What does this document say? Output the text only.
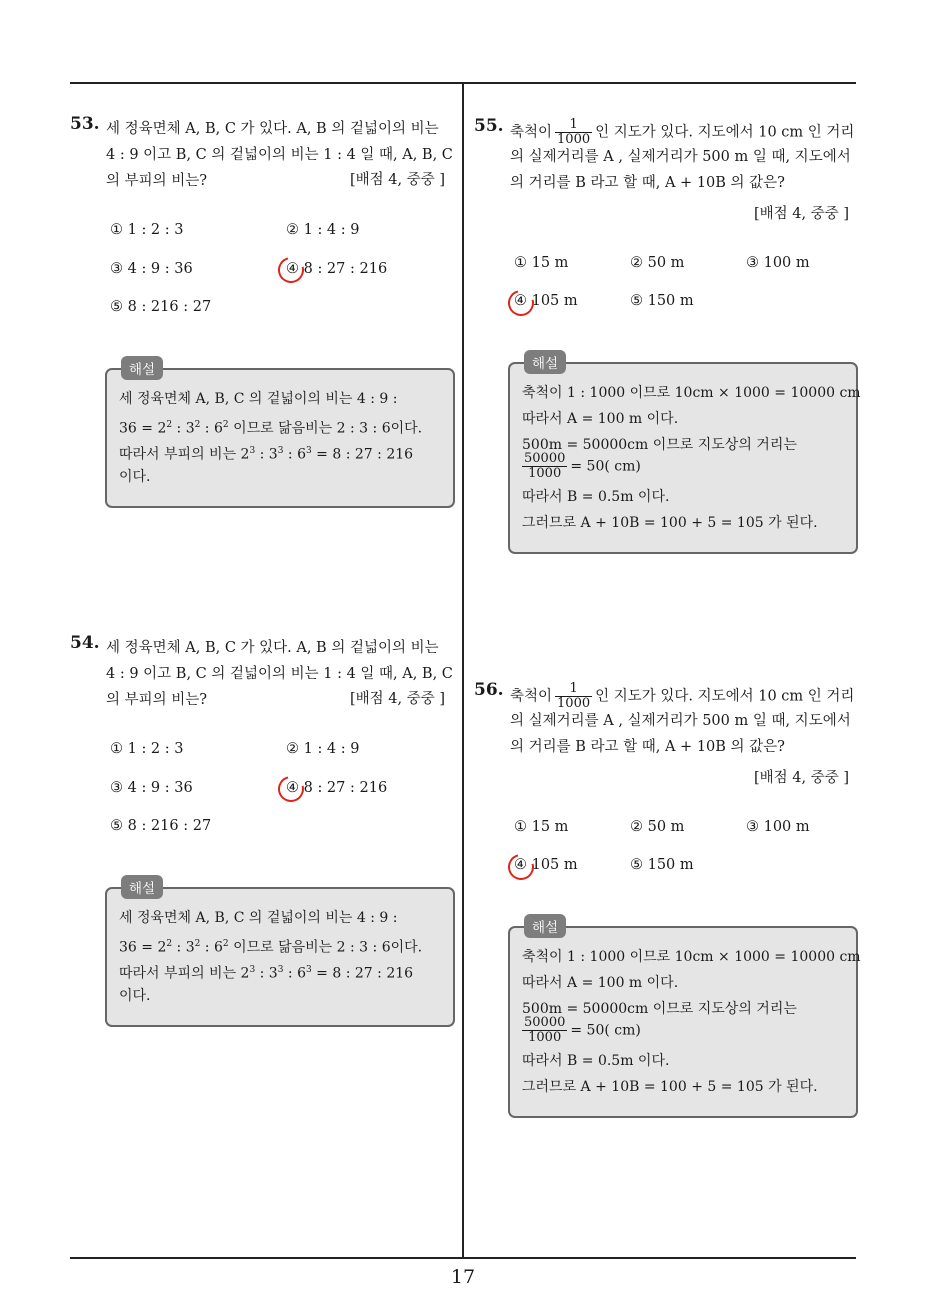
53. 세 정육면체 A, B, C 가 있다. A, B 의 겉넓이의 비는
4 : 9 이고 B, C 의 겉넓이의 비는 1 : 4 일 때, A, B, C
의 부피의 비는?	[배점 4, 중중 ]
① 1 : 2 : 3	② 1 : 4 : 9
③ 4 : 9 : 36	④ 8 : 27 : 216
⑤ 8 : 216 : 27
해설
세 정육면체 A, B, C 의 겉넓이의 비는 4 : 9 :
$36 = 2^2$ : $3^2$ : $6^2$ 이므로 닮음비는 2 : 3 : 6이다.
따라서 부피의 비는 $2^3$ : $3^3$ : $6^3 = 8$ : 27 : 216
이다.
54. 세 정육면체 A, B, C 가 있다. A, B 의 겉넓이의 비는
4 : 9 이고 B, C 의 겉넓이의 비는 1 : 4 일 때, A, B, C
의 부피의 비는?	[배점 4, 중중 ]
① 1 : 2 : 3	② 1 : 4 : 9
③ 4 : 9 : 36	④ 8 : 27 : 216
⑤ 8 : 216 : 27
해설
세 정육면체 A, B, C 의 겉넓이의 비는 4 : 9 :
$36 = 2^2$ : $3^2$ : $6^2$ 이므로 닮음비는 2 : 3 : 6이다.
따라서 부피의 비는 $2^3$ : $3^3$ : $6^3 = 8$ : 27 : 216
이다.
55. 축척이 $\frac{1}{1000}$ 인 지도가 있다. 지도에서 10 cm 인 거리
의 실제거리를 A , 실제거리가 500 m 일 때, 지도에서
의 거리를 B 라고 할 때, A + 10B 의 값은?
[배점 4, 중중 ]
① 15 m	② 50 m	③ 100 m
④ 105 m	⑤ 150 m
해설
축척이 1 : 1000 이므로 10cm × 1000 = 10000 cm
따라서 A = 100 m 이다.
500m = 50000cm 이므로 지도상의 거리는
$\frac{50000}{1000} = 50$( cm)
따라서 B = 0.5m 이다.
그러므로 A + 10B = 100 + 5 = 105 가 된다.
56. 축척이 $\frac{1}{1000}$ 인 지도가 있다. 지도에서 10 cm 인 거리
의 실제거리를 A , 실제거리가 500 m 일 때, 지도에서
의 거리를 B 라고 할 때, A + 10B 의 값은?
[배점 4, 중중 ]
① 15 m	② 50 m	③ 100 m
④ 105 m	⑤ 150 m
해설
축척이 1 : 1000 이므로 10cm × 1000 = 10000 cm
따라서 A = 100 m 이다.
500m = 50000cm 이므로 지도상의 거리는
$\frac{50000}{1000} = 50$( cm)
따라서 B = 0.5m 이다.
그러므로 A + 10B = 100 + 5 = 105 가 된다.
17
